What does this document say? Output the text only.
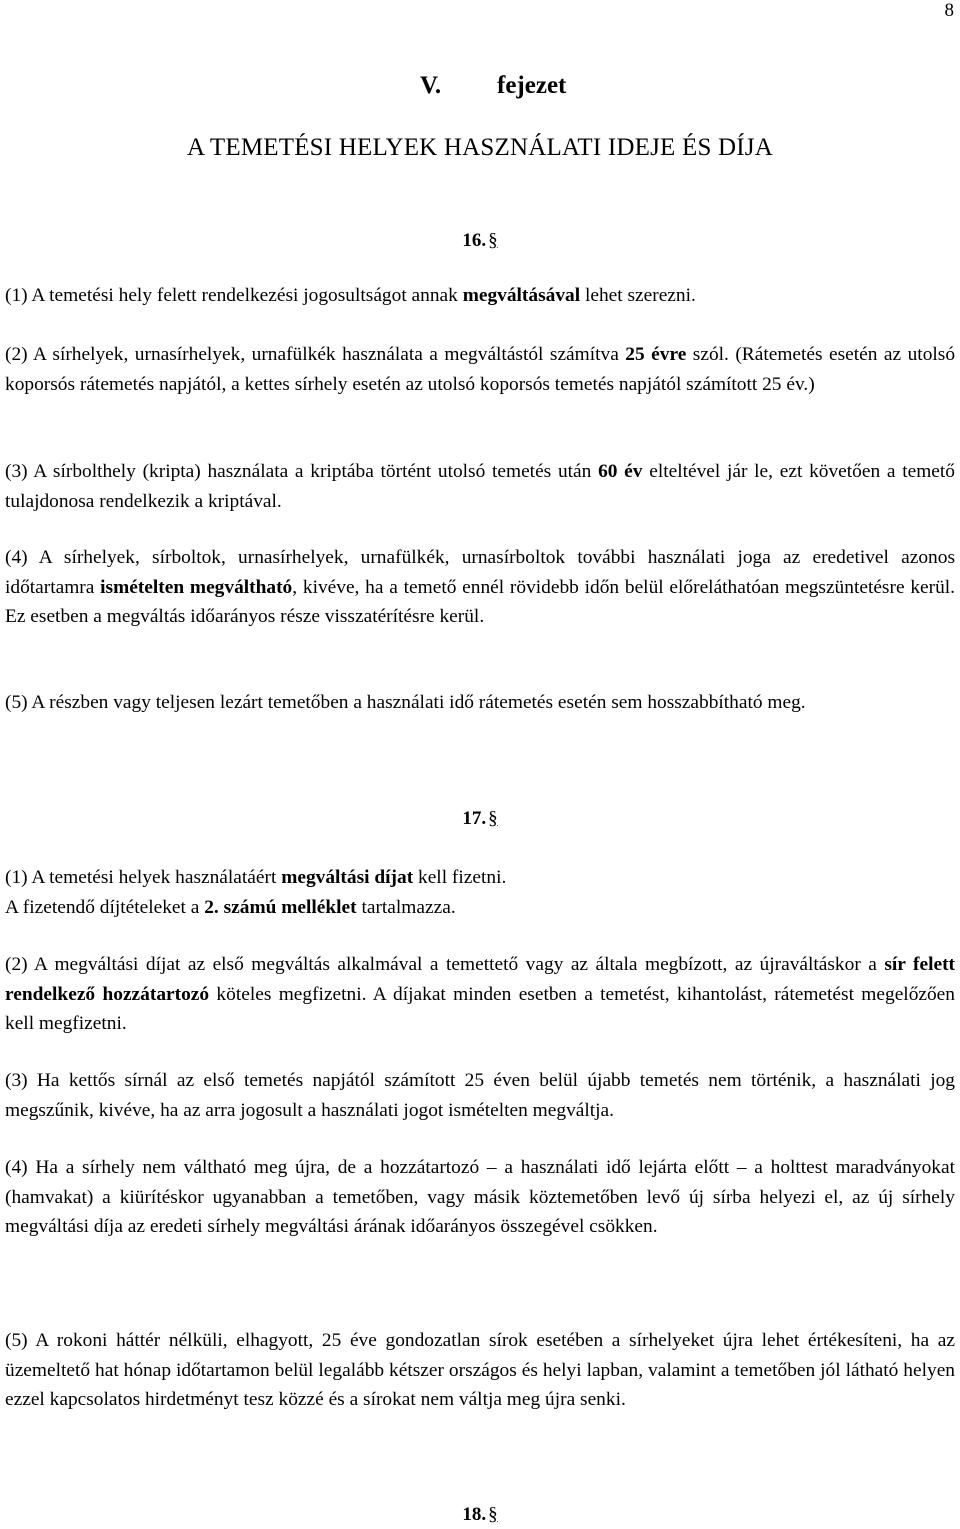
8
V. fejezet
A TEMETÉSI HELYEK HASZNÁLATI IDEJE ÉS DÍJA
16. §
(1) A temetési hely felett rendelkezési jogosultságot annak megváltásával lehet szerezni.
(2) A sírhelyek, urnasírhelyek, urnafülkék használata a megváltástól számítva 25 évre szól. (Rátemetés esetén az utolsó koporsós rátemetés napjától, a kettes sírhely esetén az utolsó koporsós temetés napjától számított 25 év.)
(3) A sírbolthely (kripta) használata a kriptába történt utolsó temetés után 60 év elteltével jár le, ezt követően a temető tulajdonosa rendelkezik a kriptával.
(4) A sírhelyek, sírboltok, urnasírhelyek, urnafülkék, urnasírboltok további használati joga az eredetivel azonos időtartamra ismételten megváltható, kivéve, ha a temető ennél rövidebb időn belül előreláthatóan megszüntetésre kerül. Ez esetben a megváltás időarányos része visszatérítésre kerül.
(5) A részben vagy teljesen lezárt temetőben a használati idő rátemetés esetén sem hosszabbítható meg.
17. §
(1) A temetési helyek használatáért megváltási díjat kell fizetni.
A fizetendő díjtételeket a 2. számú melléklet tartalmazza.
(2) A megváltási díjat az első megváltás alkalmával a temettető vagy az általa megbízott, az újraváltáskor a sír felett rendelkező hozzátartozó köteles megfizetni. A díjakat minden esetben a temetést, kihantolást, rátemetést megelőzően kell megfizetni.
(3) Ha kettős sírnál az első temetés napjától számított 25 éven belül újabb temetés nem történik, a használati jog megszűnik, kivéve, ha az arra jogosult a használati jogot ismételten megváltja.
(4) Ha a sírhely nem váltható meg újra, de a hozzátartozó – a használati idő lejárta előtt – a holttest maradványokat (hamvakat) a kiürítéskor ugyanabban a temetőben, vagy másik köztemetőben levő új sírba helyezi el, az új sírhely megváltási díja az eredeti sírhely megváltási árának időarányos összegével csökken.
(5) A rokoni háttér nélküli, elhagyott, 25 éve gondozatlan sírok esetében a sírhelyeket újra lehet értékesíteni, ha az üzemeltető hat hónap időtartamon belül legalább kétszer országos és helyi lapban, valamint a temetőben jól látható helyen ezzel kapcsolatos hirdetményt tesz közzé és a sírokat nem váltja meg újra senki.
18. §
